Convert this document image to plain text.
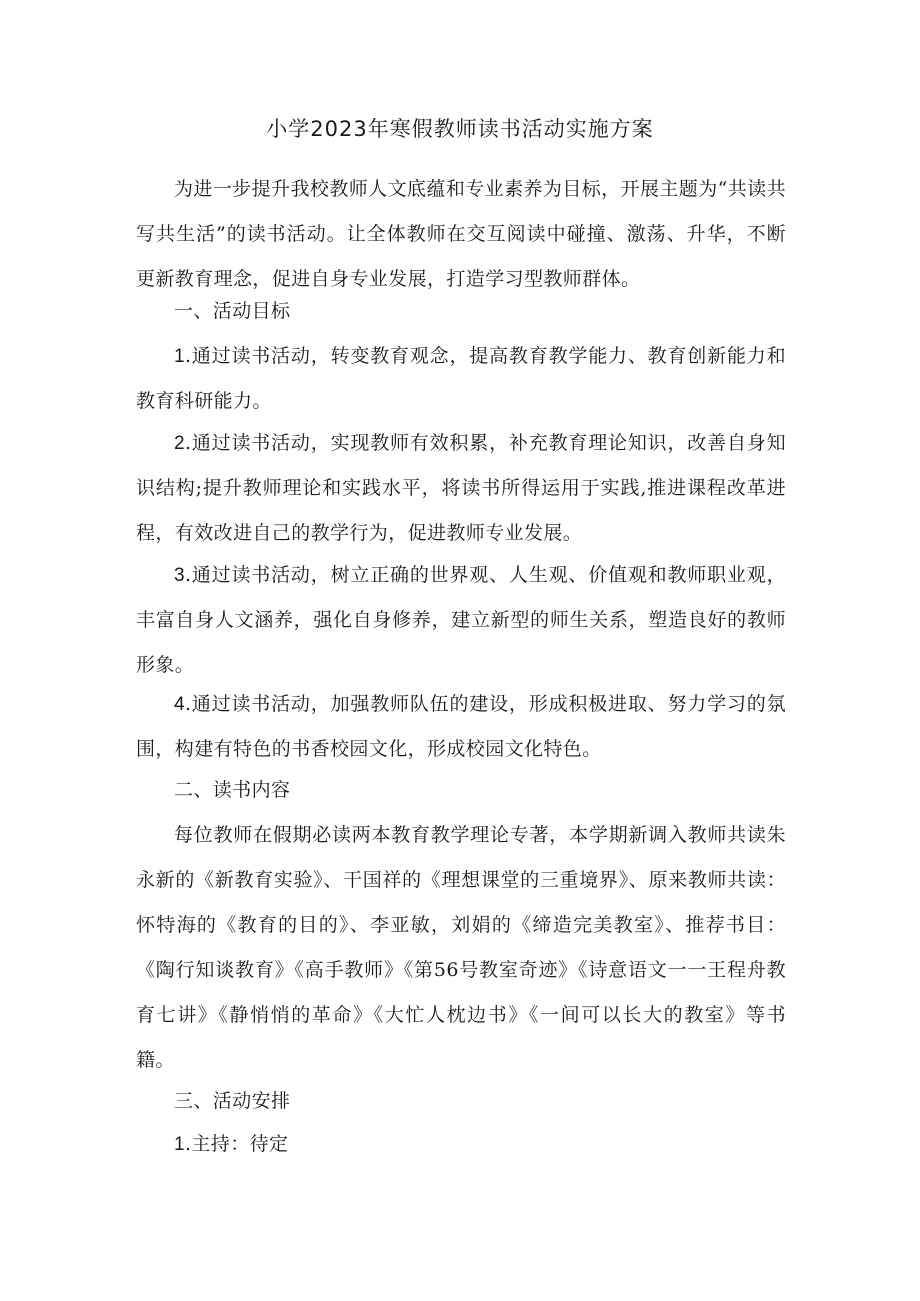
小学2023年寒假教师读书活动实施方案

为进一步提升我校教师人文底蕴和专业素养为目标，开展主题为“共读共写共生活”的读书活动。让全体教师在交互阅读中碰撞、激荡、升华，不断更新教育理念，促进自身专业发展，打造学习型教师群体。

一、活动目标

1.通过读书活动，转变教育观念，提高教育教学能力、教育创新能力和教育科研能力。

2.通过读书活动，实现教师有效积累，补充教育理论知识，改善自身知识结构;提升教师理论和实践水平，将读书所得运用于实践,推进课程改革进程，有效改进自己的教学行为，促进教师专业发展。

3.通过读书活动，树立正确的世界观、人生观、价值观和教师职业观，丰富自身人文涵养，强化自身修养，建立新型的师生关系，塑造良好的教师形象。

4.通过读书活动，加强教师队伍的建设，形成积极进取、努力学习的氛围，构建有特色的书香校园文化，形成校园文化特色。

二、读书内容

每位教师在假期必读两本教育教学理论专著，本学期新调入教师共读朱永新的《新教育实验》、干国祥的《理想课堂的三重境界》、原来教师共读：怀特海的《教育的目的》、李亚敏，刘娟的《缔造完美教室》、推荐书目：《陶行知谈教育》《高手教师》《第56号教室奇迹》《诗意语文一一王程舟教育七讲》《静悄悄的革命》《大忙人枕边书》《一间可以长大的教室》等书籍。

三、活动安排

1.主持：待定
